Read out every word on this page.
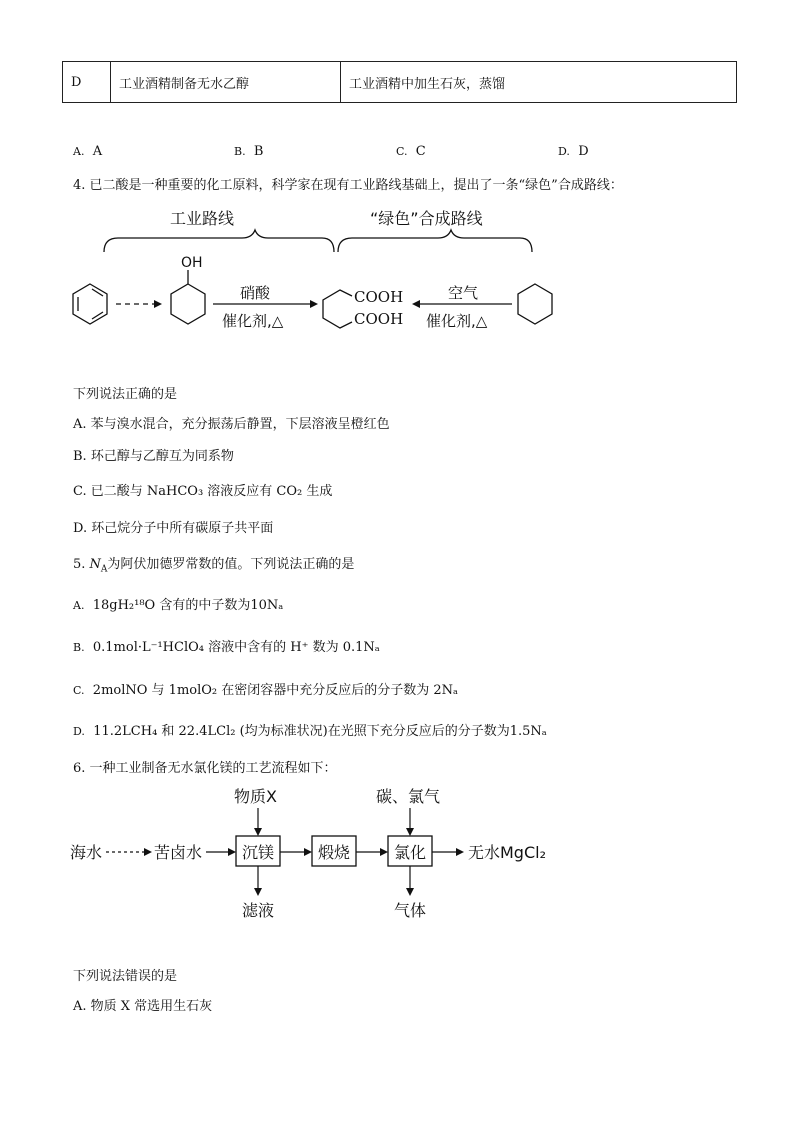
D	工业酒精制备无水乙醇	工业酒精中加生石灰，蒸馏
A. A	B. B	C. C	D. D
4. 已二酸是一种重要的化工原料，科学家在现有工业路线基础上，提出了一条“绿色”合成路线：
工业路线	“绿色”合成路线
OH
硝酸
催化剂,△
COOH
COOH
空气
催化剂,△
下列说法正确的是
A. 苯与溴水混合，充分振荡后静置，下层溶液呈橙红色
B. 环己醇与乙醇互为同系物
C. 已二酸与 NaHCO₃ 溶液反应有 CO₂ 生成
D. 环己烷分子中所有碳原子共平面
5. $N_A$为阿伏加德罗常数的值。下列说法正确的是
A. 18gH₂¹⁸O 含有的中子数为10Nₐ
B. 0.1mol·L⁻¹HClO₄ 溶液中含有的 H⁺ 数为 0.1Nₐ
C. 2molNO 与 1molO₂ 在密闭容器中充分反应后的分子数为 2Nₐ
D. 11.2LCH₄ 和 22.4LCl₂ (均为标准状况)在光照下充分反应后的分子数为1.5Nₐ
6. 一种工业制备无水氯化镁的工艺流程如下：
海水	苦卤水 沉镁	煅烧	氯化	无水MgCl₂
物质X	碳、氯气
滤液	气体
下列说法错误的是
A. 物质 X 常选用生石灰
